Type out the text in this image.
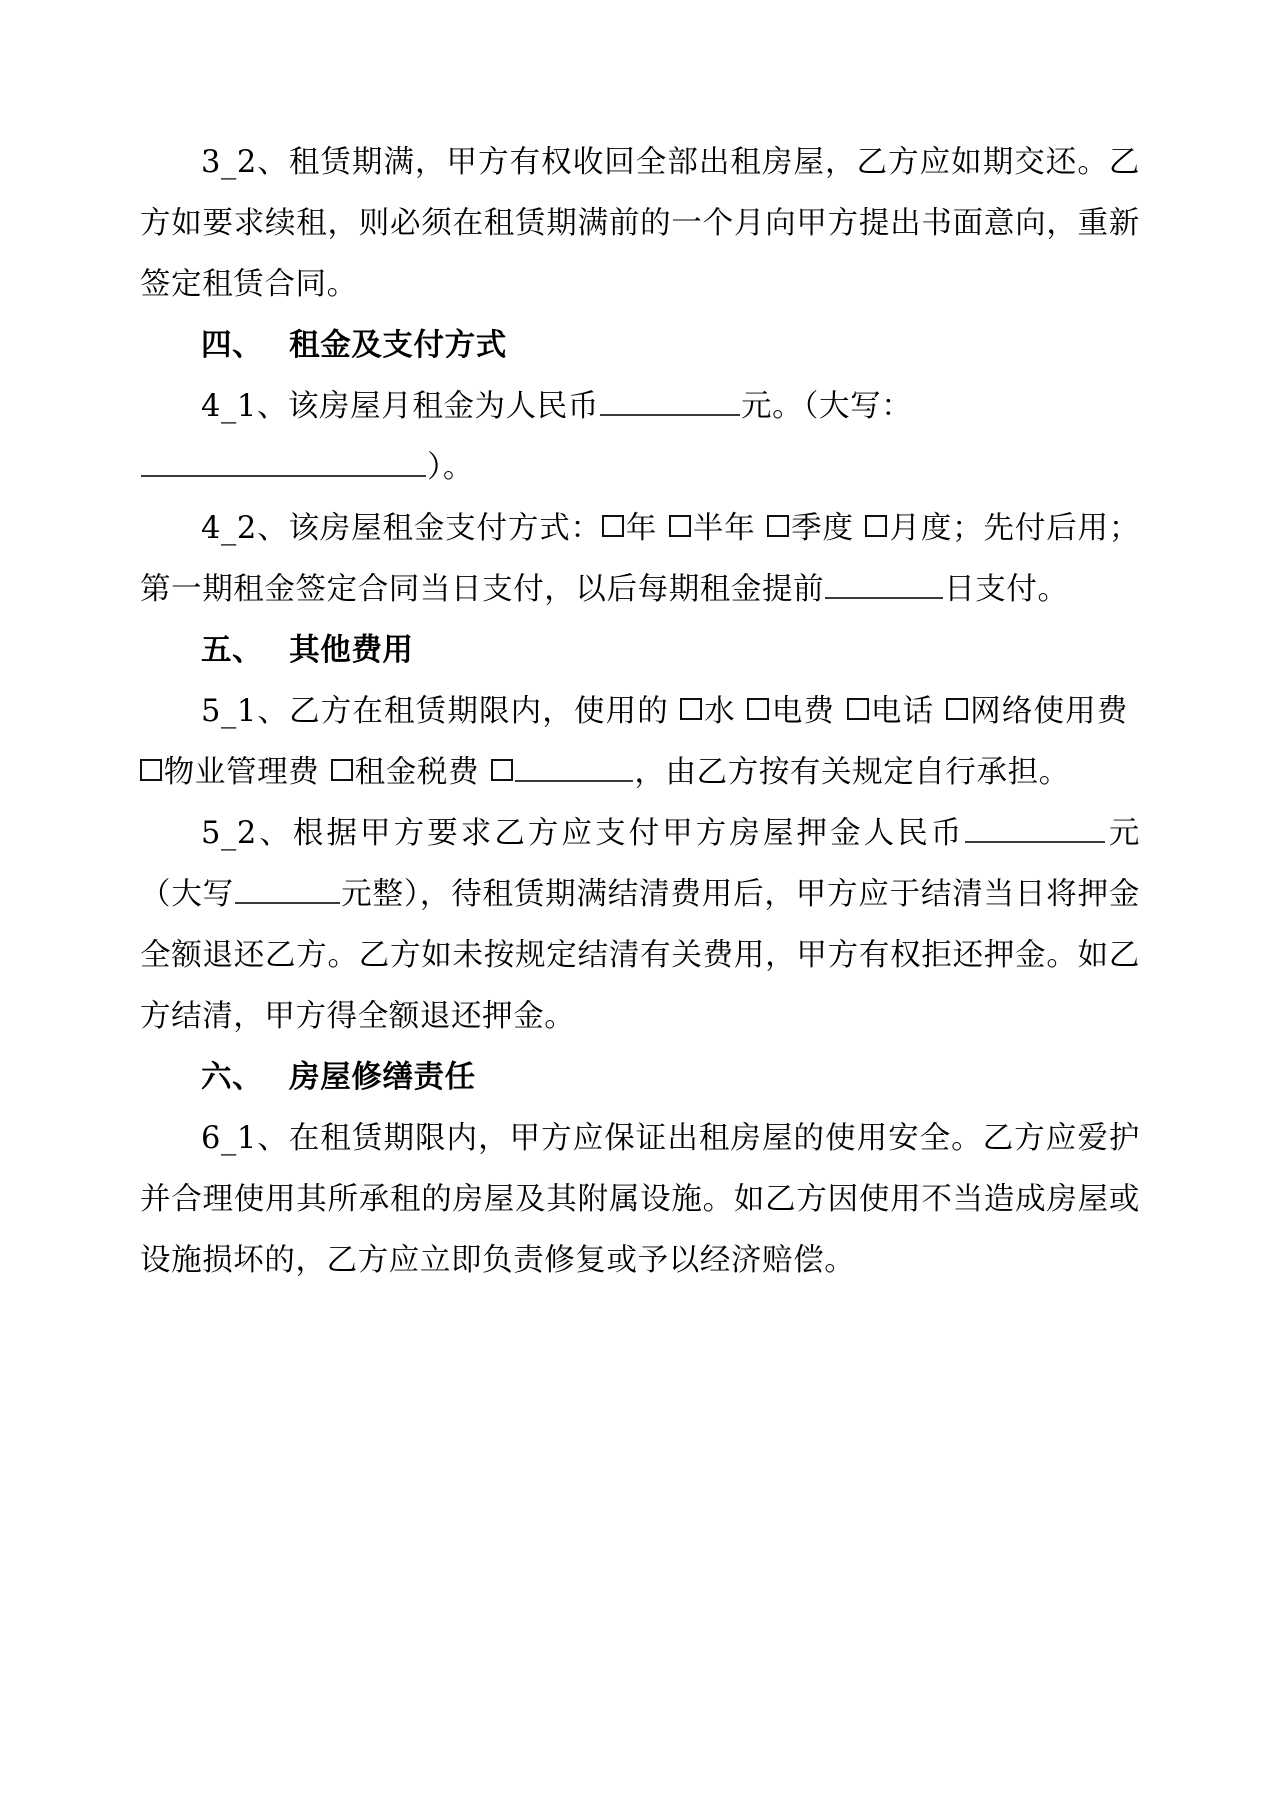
3_2、租赁期满，甲方有权收回全部出租房屋，乙方应如期交还。乙方如要求续租，则必须在租赁期满前的一个月向甲方提出书面意向，重新签定租赁合同。

四、 租金及支付方式

4_1、该房屋月租金为人民币	元。（大写：
）。

4_2、该房屋租金支付方式： 年 半年 季度 月度；先付后用；第一期租金签定合同当日支付，以后每期租金提前	日支付。

五、 其他费用

5_1、乙方在租赁期限内，使用的 水 电费 电话 网络使用费物业管理费 租金税费	，由乙方按有关规定自行承担。

5_2、根据甲方要求乙方应支付甲方房屋押金人民币	元（大写	元整），待租赁期满结清费用后，甲方应于结清当日将押金全额退还乙方。乙方如未按规定结清有关费用，甲方有权拒还押金。如乙方结清，甲方得全额退还押金。

六、 房屋修缮责任

6_1、在租赁期限内，甲方应保证出租房屋的使用安全。乙方应爱护并合理使用其所承租的房屋及其附属设施。如乙方因使用不当造成房屋或设施损坏的，乙方应立即负责修复或予以经济赔偿。
